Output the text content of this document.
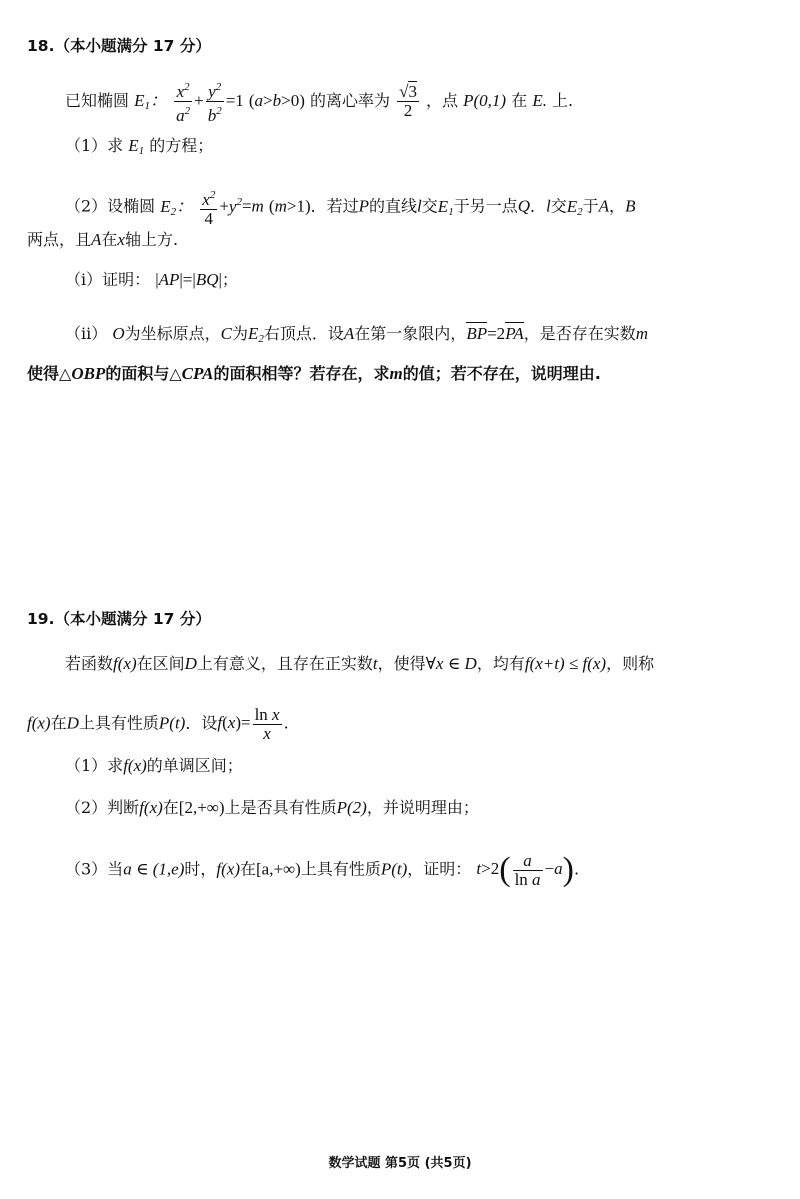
18.（本小题满分 17 分）
已知椭圆 $E_1$： $\frac{x^2}{a^2} + \frac{y^2}{b^2} =1$ (a>b>0) 的离心率为 $\frac{√3}{2}$ ，点 P(0,1) 在 E. 上.
（1）求 $E_1$ 的方程；
（2）设椭圆 $E_2$： $\frac{x^2}{4} +y^2=m$ (m>1)．若过P的直线l交$E_1$于另一点Q．l交$E_2$于A，B
两点，且A在x轴上方.
（i）证明： |AP|=|BQ|；
（ii） O为坐标原点，C为$E_2$右顶点．设A在第一象限内，BP=2PA，是否存在实数m
使得△OBP的面积与△CPA的面积相等？若存在，求m的值；若不存在，说明理由.
19.（本小题满分 17 分）
若函数f(x)在区间D上有意义，且存在正实数t，使得∀x ∈ D，均有f(x+t) ≤ f(x)，则称
f(x)在D上具有性质P(t)．设$f(x)= \frac{\text{ln x}}{x}$ .
（1）求f(x)的单调区间；
（2）判断f(x)在[2,+∞)上是否具有性质P(2)，并说明理由；
（3）当a ∈ (1,e)时，f(x)在[a,+∞)上具有性质P(t)，证明： $t>2( \frac{a}{\text{ln a}} -a)$.
数学试题 第5页 (共5页)
